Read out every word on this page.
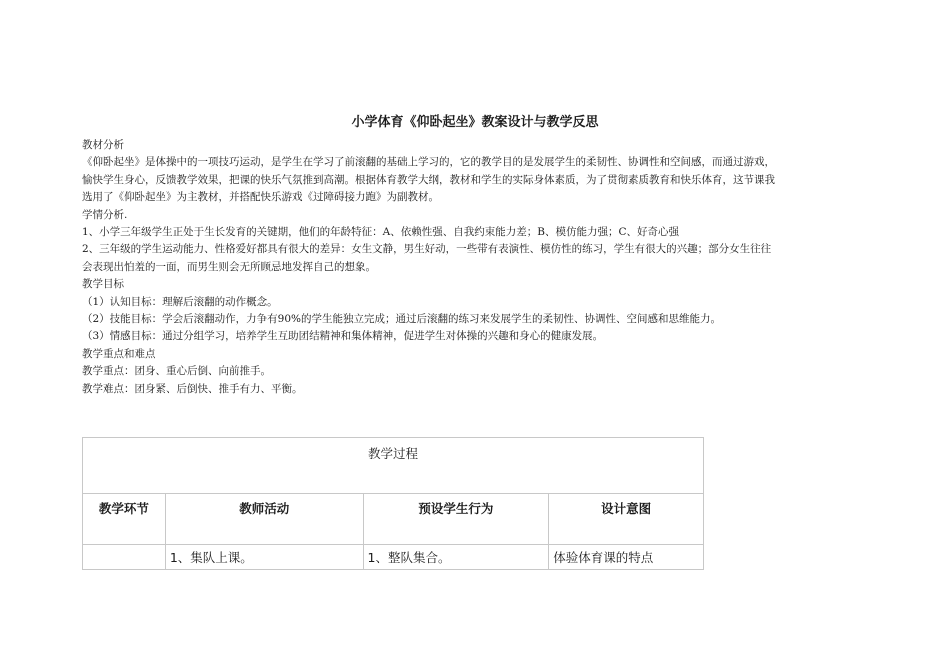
小学体育《仰卧起坐》教案设计与教学反思

教材分析

《仰卧起坐》是体操中的一项技巧运动，是学生在学习了前滚翻的基础上学习的，它的教学目的是发展学生的柔韧性、协调性和空间感，而通过游戏，

愉快学生身心，反馈教学效果，把课的快乐气氛推到高潮。根据体育教学大纲，教材和学生的实际身体素质，为了贯彻素质教育和快乐体育，这节课我

选用了《仰卧起坐》为主教材，并搭配快乐游戏《过障碍接力跑》为副教材。

学情分析.

1、小学三年级学生正处于生长发育的关键期，他们的年龄特征：A、依赖性强、自我约束能力差；B、模仿能力强；C、好奇心强

2、三年级的学生运动能力、性格爱好都具有很大的差异：女生文静，男生好动，一些带有表演性、模仿性的练习，学生有很大的兴趣；部分女生往往

会表现出怕羞的一面，而男生则会无所顾忌地发挥自己的想象。

教学目标

（1）认知目标：理解后滚翻的动作概念。

（2）技能目标：学会后滚翻动作，力争有90%的学生能独立完成；通过后滚翻的练习来发展学生的柔韧性、协调性、空间感和思维能力。

（3）情感目标：通过分组学习，培养学生互助团结精神和集体精神，促进学生对体操的兴趣和身心的健康发展。

教学重点和难点

教学重点：团身、重心后倒、向前推手。

教学难点：团身紧、后倒快、推手有力、平衡。

教学过程			
教学环节	教师活动	预设学生行为	设计意图
	1、集队上课。	1、整队集合。	体验体育课的特点
